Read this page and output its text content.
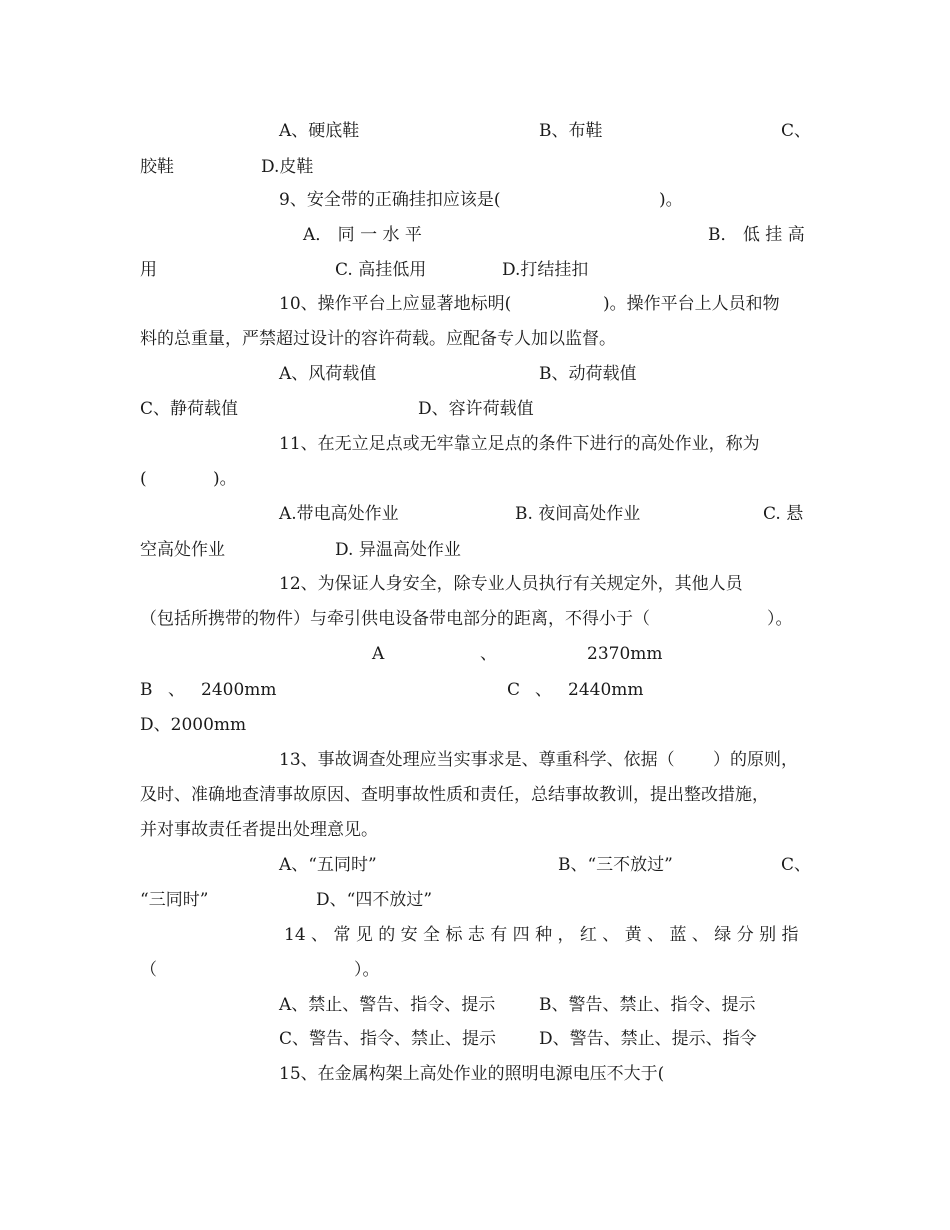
A、硬底鞋	B、布鞋	C、
胶鞋	D.皮鞋
9、安全带的正确挂扣应该是(	)。
A． 同 一 水 平	B． 低 挂 高
用	C. 高挂低用	D.打结挂扣
10、操作平台上应显著地标明(	)。操作平台上人员和物
料的总重量，严禁超过设计的容许荷载。应配备专人加以监督。
A、风荷载值	B、动荷载值
C、静荷载值	D、容许荷载值
11、在无立足点或无牢靠立足点的条件下进行的高处作业，称为
(	)。
A.带电高处作业	B. 夜间高处作业	C. 悬
空高处作业	D. 异温高处作业
12、为保证人身安全，除专业人员执行有关规定外，其他人员
（包括所携带的物件）与牵引供电设备带电部分的距离，不得小于（	）。
A	、	2370mm
B 、 2400mm	C 、 2440mm
D、2000mm
13、事故调查处理应当实事求是、尊重科学、依据（ ）的原则，
及时、准确地查清事故原因、查明事故性质和责任，总结事故教训，提出整改措施，
并对事故责任者提出处理意见。
A、“五同时”	B、“三不放过”	C、
“三同时”	D、“四不放过”
14 、 常 见 的 安 全 标 志 有 四 种 ， 红 、 黄 、 蓝 、 绿 分 别 指
（	）。
A、禁止、警告、指令、提示	B、警告、禁止、指令、提示
C、警告、指令、禁止、提示	D、警告、禁止、提示、指令
15、在金属构架上高处作业的照明电源电压不大于(
